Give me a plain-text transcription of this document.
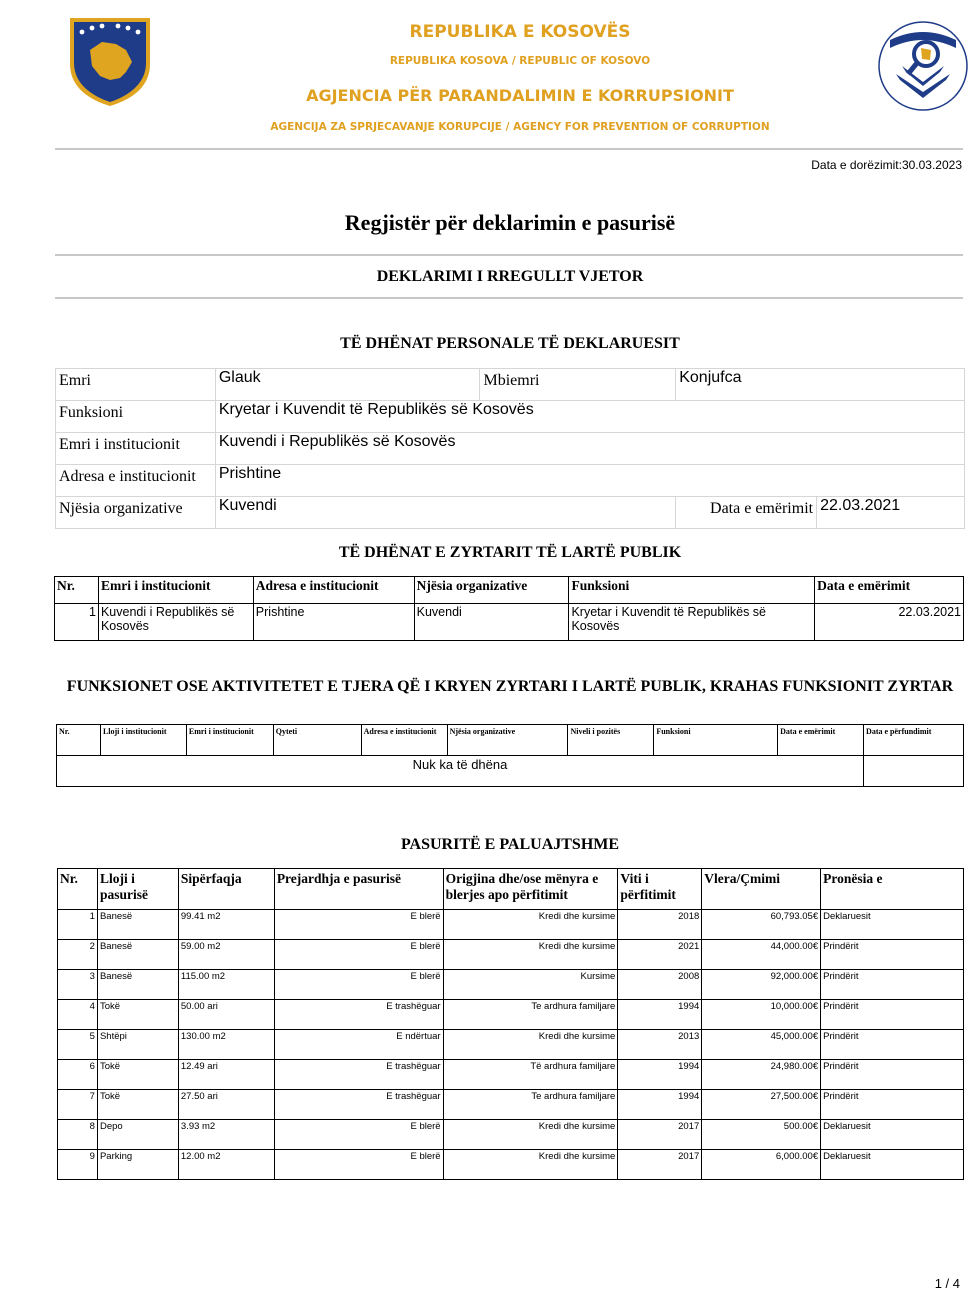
REPUBLIKA E KOSOVËS
REPUBLIKA KOSOVA / REPUBLIC OF KOSOVO
AGJENCIA PËR PARANDALIMIN E KORRUPSIONIT
AGENCIJA ZA SPRJECAVANJE KORUPCIJE / AGENCY FOR PREVENTION OF CORRUPTION
Data e dorëzimit:30.03.2023
Regjistër për deklarimin e pasurisë
DEKLARIMI I RREGULLT VJETOR
TË DHËNAT PERSONALE TË DEKLARUESIT
Emri	Glauk	Mbiemri	Konjufca	
Funksioni	Kryetar i Kuvendit të Republikës së Kosovës			
Emri i institucionit	Kuvendi i Republikës së Kosovës			
Adresa e institucionit	Prishtine			
Njësia organizative	Kuvendi		Data e emërimit	22.03.2021
TË DHËNAT E ZYRTARIT TË LARTË PUBLIK
Nr.	Emri i institucionit	Adresa e institucionit	Njësia organizative	Funksioni	Data e emërimit
1	Kuvendi i Republikës së Kosovës	Prishtine	Kuvendi	Kryetar i Kuvendit të Republikës së Kosovës	22.03.2021
FUNKSIONET OSE AKTIVITETET E TJERA QË I KRYEN ZYRTARI I LARTË PUBLIK, KRAHAS FUNKSIONIT ZYRTAR
Nr.	Lloji i institucionit	Emri i institucionit	Qyteti	Adresa e institucionit	Njësia organizative	Niveli i pozitës	Funksioni	Data e emërimit	Data e përfundimit
Nuk ka të dhëna									
PASURITË E PALUAJTSHME
Nr.	Lloji i pasurisë	Sipërfaqja	Prejardhja e pasurisë	Origjina dhe/ose mënyra e blerjes apo përfitimit	Viti i përfitimit	Vlera/Çmimi	Pronësia e
1	Banesë	99.41 m2	E blerë	Kredi dhe kursime	2018	60,793.05€	Deklaruesit
2	Banesë	59.00 m2	E blerë	Kredi dhe kursime	2021	44,000.00€	Prindërit
3	Banesë	115.00 m2	E blerë	Kursime	2008	92,000.00€	Prindërit
4	Tokë	50.00 ari	E trashëguar	Te ardhura familjare	1994	10,000.00€	Prindërit
5	Shtëpi	130.00 m2	E ndërtuar	Kredi dhe kursime	2013	45,000.00€	Prindërit
6	Tokë	12.49 ari	E trashëguar	Të ardhura familjare	1994	24,980.00€	Prindërit
7	Tokë	27.50 ari	E trashëguar	Te ardhura familjare	1994	27,500.00€	Prindërit
8	Depo	3.93 m2	E blerë	Kredi dhe kursime	2017	500.00€	Deklaruesit
9	Parking	12.00 m2	E blerë	Kredi dhe kursime	2017	6,000.00€	Deklaruesit
1 / 4
